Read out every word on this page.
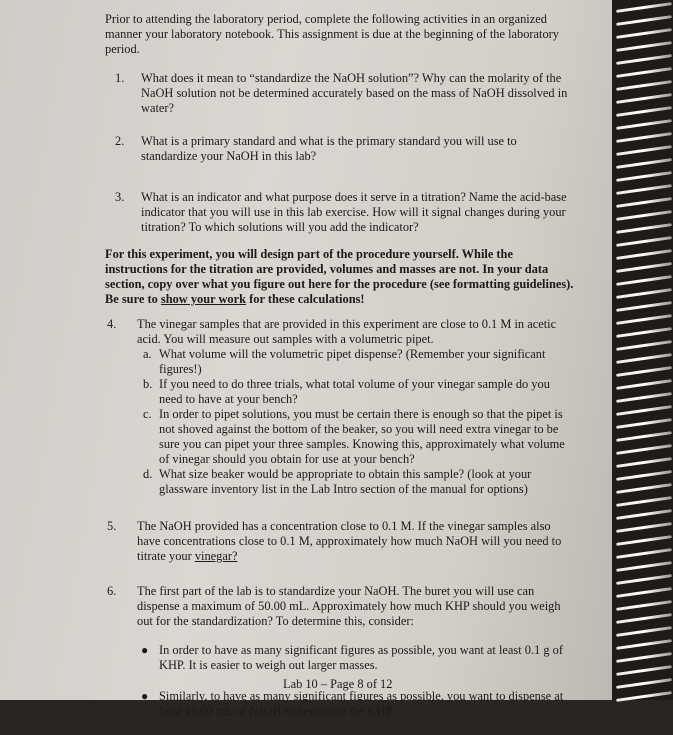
Prior to attending the laboratory period, complete the following activities in an organized manner your laboratory notebook. This assignment is due at the beginning of the laboratory period.

1. What does it mean to “standardize the NaOH solution”? Why can the molarity of the NaOH solution not be determined accurately based on the mass of NaOH dissolved in water?

2. What is a primary standard and what is the primary standard you will use to standardize your NaOH in this lab?

3. What is an indicator and what purpose does it serve in a titration? Name the acid-base indicator that you will use in this lab exercise. How will it signal changes during your titration? To which solutions will you add the indicator?

For this experiment, you will design part of the procedure yourself. While the instructions for the titration are provided, volumes and masses are not. In your data section, copy over what you figure out here for the procedure (see formatting guidelines). Be sure to show your work for these calculations!

4. The vinegar samples that are provided in this experiment are close to 0.1 M in acetic acid. You will measure out samples with a volumetric pipet.

a. What volume will the volumetric pipet dispense? (Remember your significant figures!)
b. If you need to do three trials, what total volume of your vinegar sample do you need to have at your bench?
c. In order to pipet solutions, you must be certain there is enough so that the pipet is not shoved against the bottom of the beaker, so you will need extra vinegar to be sure you can pipet your three samples. Knowing this, approximately what volume of vinegar should you obtain for use at your bench?
d. What size beaker would be appropriate to obtain this sample? (look at your glassware inventory list in the Lab Intro section of the manual for options)
5. The NaOH provided has a concentration close to 0.1 M. If the vinegar samples also have concentrations close to 0.1 M, approximately how much NaOH will you need to titrate your vinegar?

6. The first part of the lab is to standardize your NaOH. The buret you will use can dispense a maximum of 50.00 mL. Approximately how much KHP should you weigh out for the standardization? To determine this, consider:

● In order to have as many significant figures as possible, you want at least 0.1 g of KHP. It is easier to weigh out larger masses.
● Similarly, to have as many significant figures as possible, you want to dispense at least 10.00 mL of NaOH to neutralize the KHP
Lab 10 – Page 8 of 12
